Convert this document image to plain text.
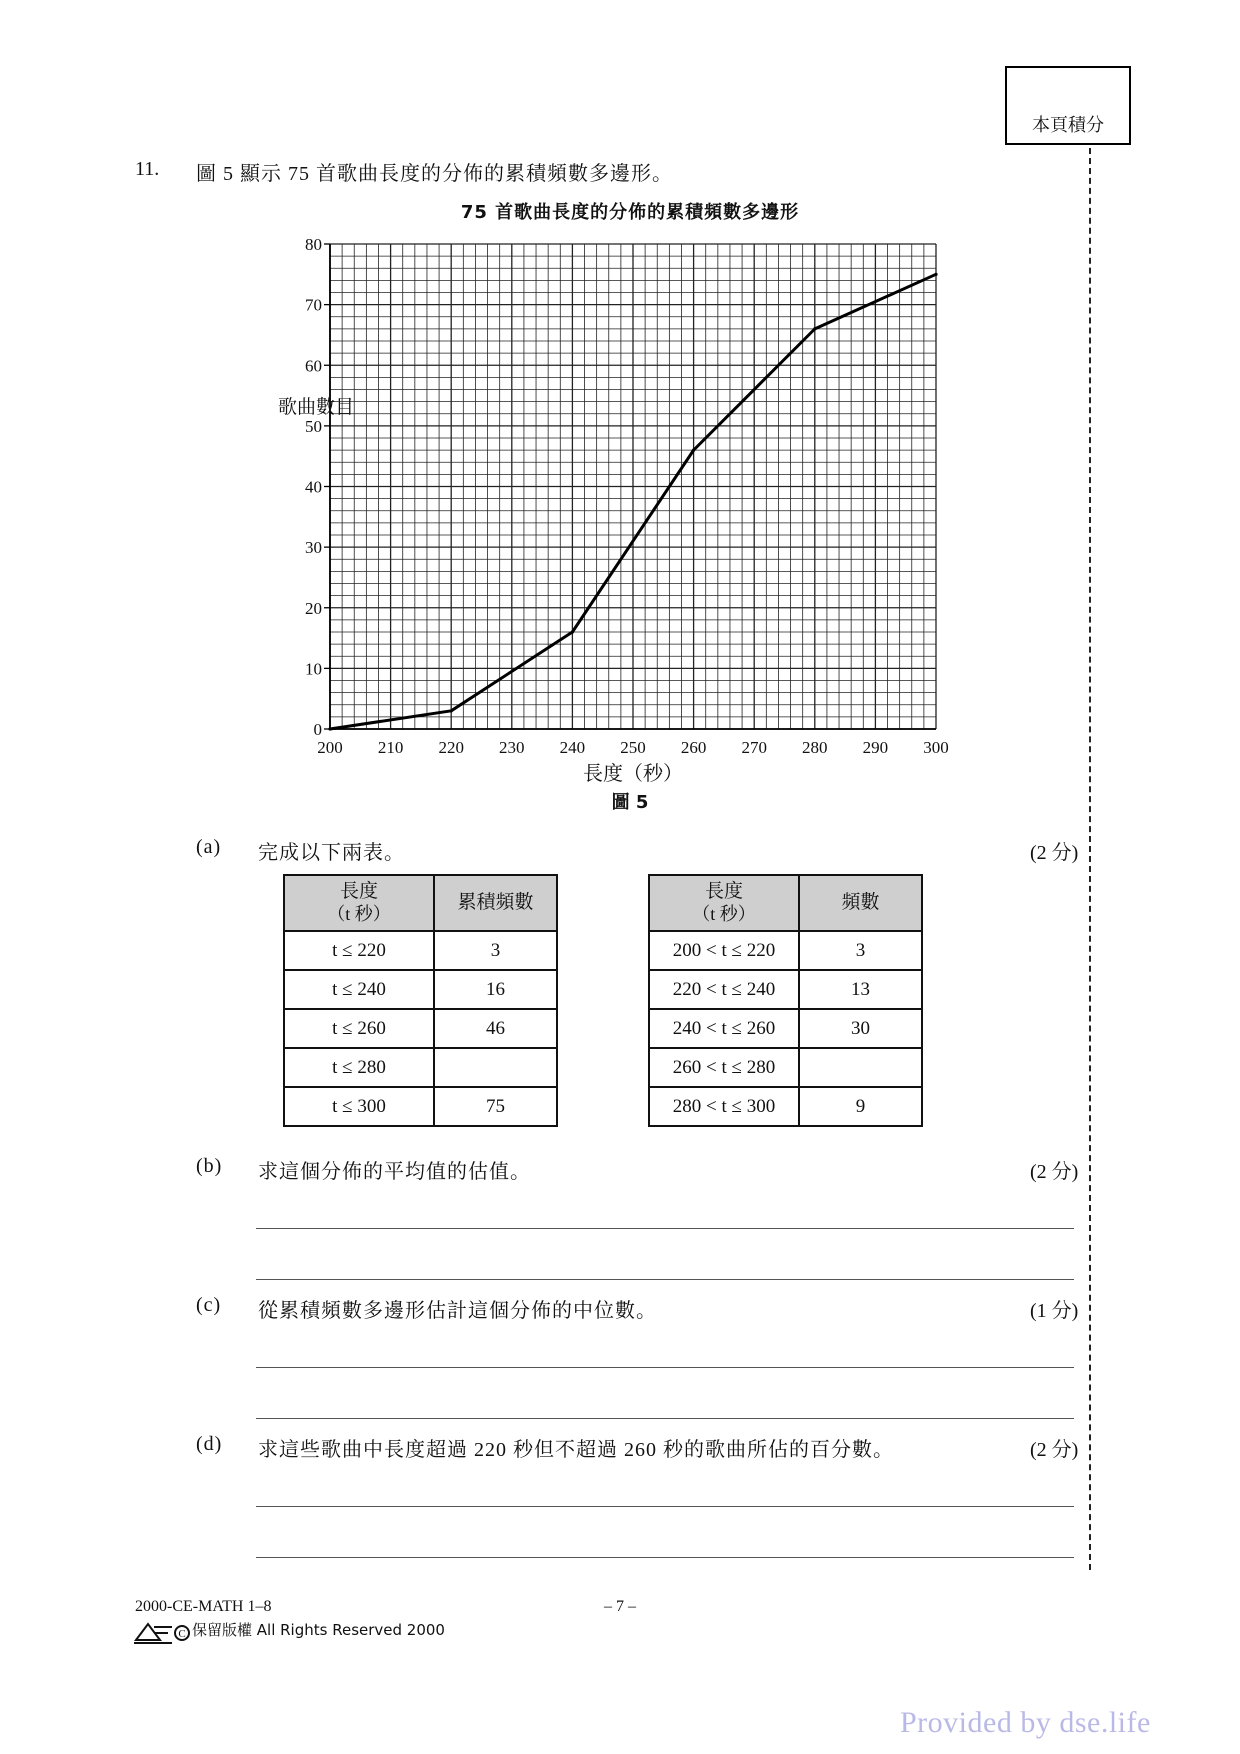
本頁積分
11. 圖 5 顯示 75 首歌曲長度的分佈的累積頻數多邊形。
75 首歌曲長度的分佈的累積頻數多邊形
0
10
20
30
40
50
60
70
80
200 210 220 230 240 250 260 270 280 290 300
歌曲數目
長度（秒）
圖 5
(a) 完成以下兩表。	(2 分)
長度
（t 秒）	累積頻數
t ≤ 220	3
t ≤ 240	16
t ≤ 260	46
t ≤ 280	
t ≤ 300	75
長度
（t 秒）	頻數
200 < t ≤ 220	3
220 < t ≤ 240	13
240 < t ≤ 260	30
260 < t ≤ 280	
280 < t ≤ 300	9
(b) 求這個分佈的平均值的估值。	(2 分)
(c) 從累積頻數多邊形估計這個分佈的中位數。	(1 分)
(d) 求這些歌曲中長度超過 220 秒但不超過 260 秒的歌曲所佔的百分數。	(2 分)
2000-CE-MATH 1–8	– 7 –
C 保留版權 All Rights Reserved 2000
Provided by dse.life
